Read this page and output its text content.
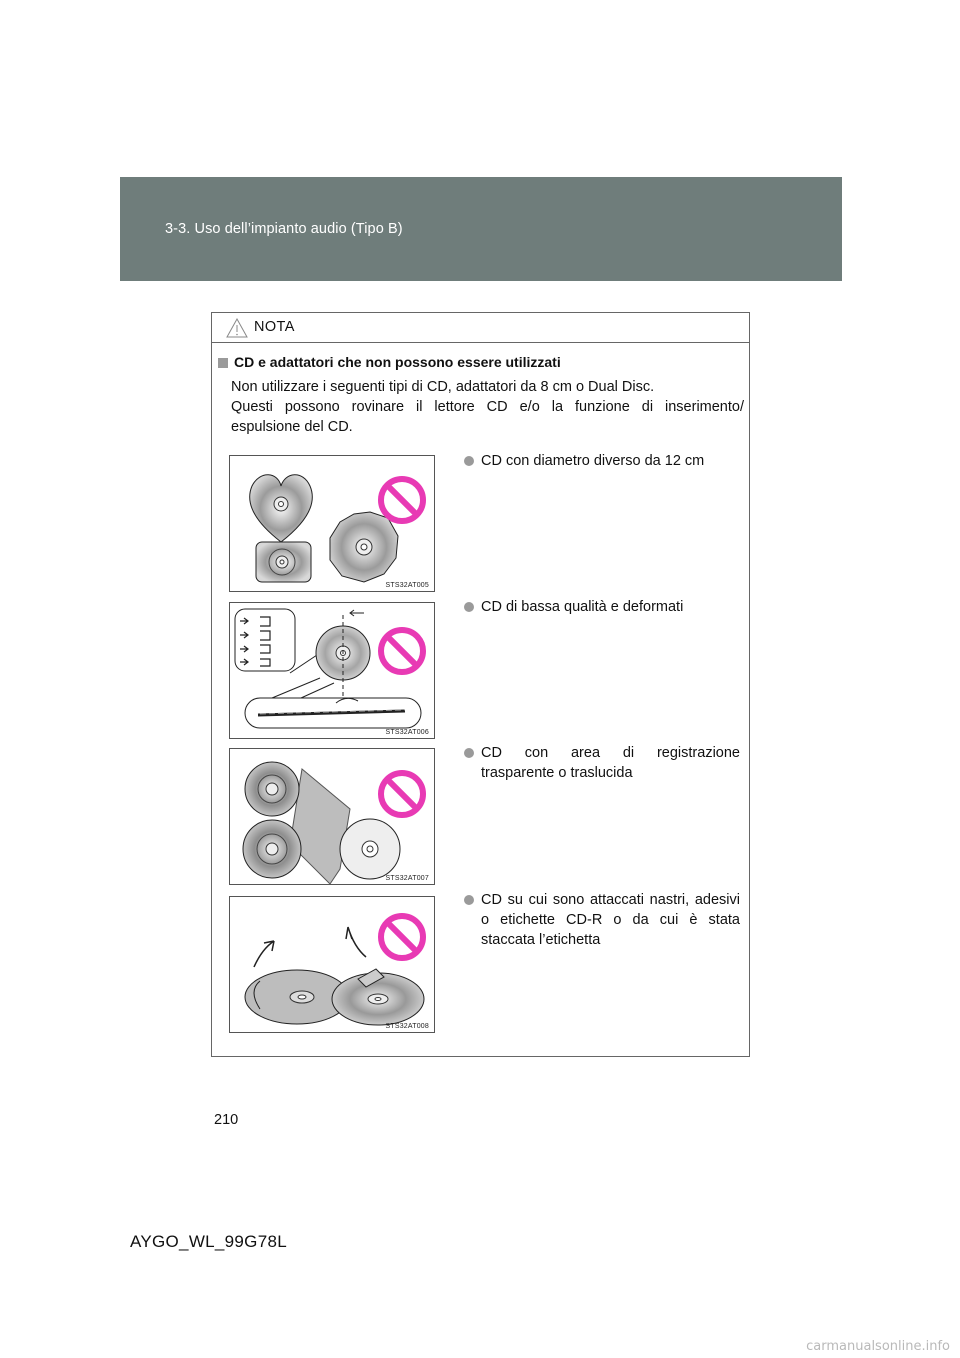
3-3. Uso dell’impianto audio (Tipo B)
NOTA
CD e adattatori che non possono essere utilizzati
Non utilizzare i seguenti tipi di CD, adattatori da 8 cm o Dual Disc.
Questi possono rovinare il lettore CD e/o la funzione di inserimento/
espulsione del CD.
CD con diametro diverso da 12 cm
STS32AT005
CD di bassa qualità e deformati
STS32AT006
CD con area di registrazione
trasparente o traslucida
STS32AT007
CD su cui sono attaccati nastri, adesivi
o etichette CD-R o da cui è stata
staccata l’etichetta
STS32AT008
210
AYGO_WL_99G78L
carmanualsonline.info
